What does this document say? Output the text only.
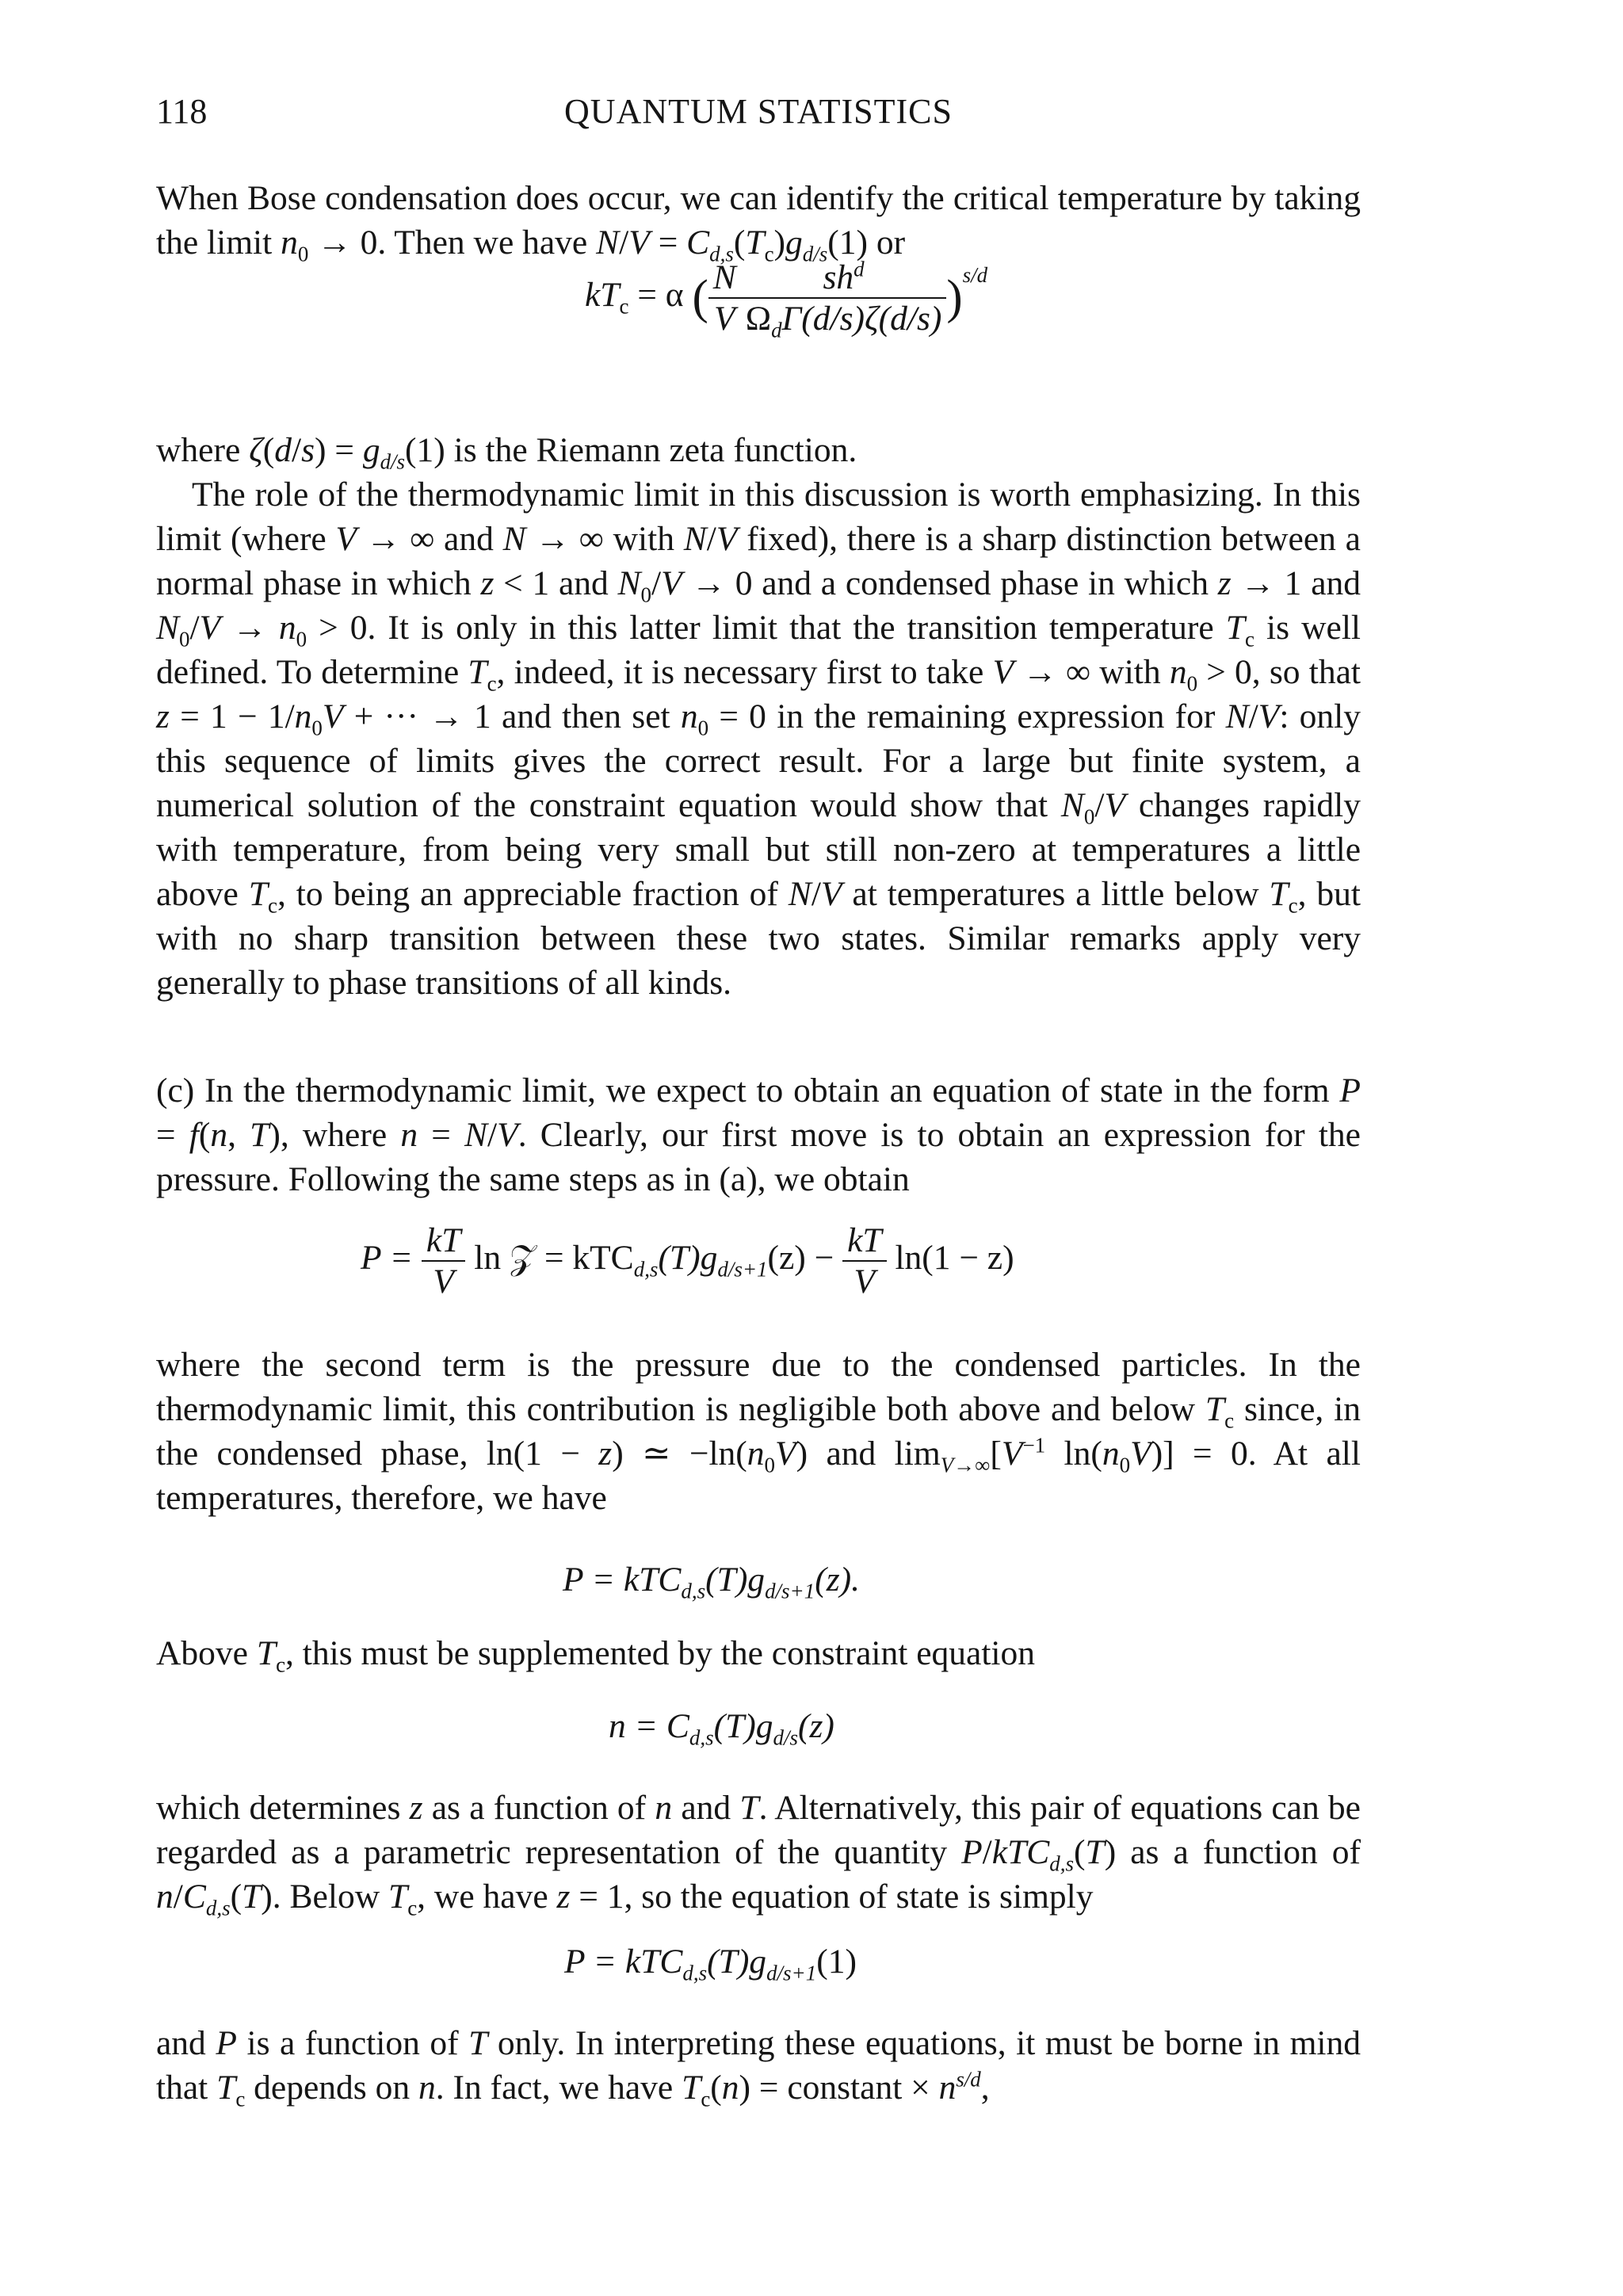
118	QUANTUM STATISTICS

When Bose condensation does occur, we can identify the critical temperature by taking the limit $n_0 \to 0$. Then we have $N/V = C_{d,s}(T_c)g_{d/s}(1)$ or

$kT_c = \alpha$ ( $\frac{N}{V} \frac{sh^d}{\Omega_d\Gamma(d/s)\zeta(d/s)} )^{s/d}$

where $\zeta(d/s) = g_{d/s}(1)$ is the Riemann zeta function.

The role of the thermodynamic limit in this discussion is worth emphasizing. In this limit (where V → ∞ and N → ∞ with N/V fixed), there is a sharp distinction between a normal phase in which z < 1 and $N_0/V \to 0$ and a condensed phase in which z → 1 and $N_0/V \to n_0 > 0$. It is only in this latter limit that the transition temperature $T_c$ is well defined. To determine $T_c$, indeed, it is necessary first to take V → ∞ with $n_0 > 0$, so that $z = 1 - 1/n_0V$ + ··· → 1 and then set $n_0 = 0$ in the remaining expression for N/V: only this sequence of limits gives the correct result. For a large but finite system, a numerical solution of the constraint equation would show that $N_0/V$ changes rapidly with temperature, from being very small but still non-zero at temperatures a little above $T_c$, to being an appreciable fraction of N/V at temperatures a little below $T_c$, but with no sharp transition between these two states. Similar remarks apply very generally to phase transitions of all kinds.

(c) In the thermodynamic limit, we expect to obtain an equation of state in the form P = f(n, T), where n = N/V. Clearly, our first move is to obtain an expression for the pressure. Following the same steps as in (a), we obtain

$P = \frac{kT}{V}$ ln 𝒵 = $kTC_{d,s}(T)g_{d/s+1}(z) - \frac{kT}{V} \ln(1 - z)$

where the second term is the pressure due to the condensed particles. In the thermodynamic limit, this contribution is negligible both above and below $T_c$ since, in the condensed phase, ln(1 − z) ≃ $-\ln(n_0V)$ and $\lim_{V\to\infty}[V^{-1}$ $\ln(n_0V)] = 0$. At all temperatures, therefore, we have

$P = kTC_{d,s}(T)g_{d/s+1}(z)$.

Above $T_c$, this must be supplemented by the constraint equation

$n = C_{d,s}(T)g_{d/s}(z)$

which determines z as a function of n and T. Alternatively, this pair of equations can be regarded as a parametric representation of the quantity P/kTC$_{d,s}$(T) as a function of $n/C_{d,s}(T)$. Below $T_c$, we have z = 1, so the equation of state is simply

$P = kTC_{d,s}(T)g_{d/s+1}(1)$

and P is a function of T only. In interpreting these equations, it must be borne in mind that $T_c$ depends on n. In fact, we have $T_c(n)$ = constant × $n^{s/d}$,
